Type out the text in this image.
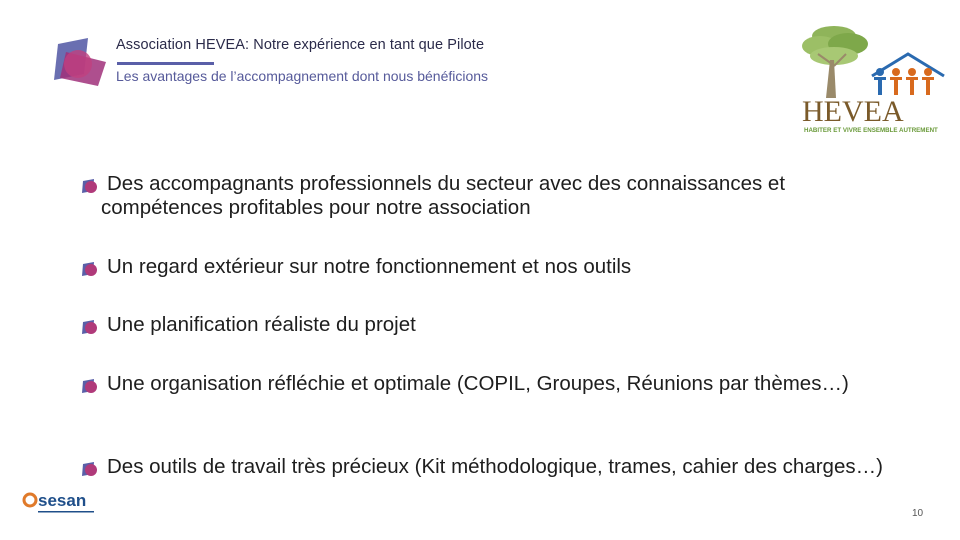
Association HEVEA: Notre expérience en tant que Pilote
Les avantages de l’accompagnement dont nous bénéficions
HEVEA
HABITER ET VIVRE ENSEMBLE AUTREMENT
Des accompagnants professionnels du secteur avec des connaissances et compétences profitables pour notre association
Un regard extérieur sur notre fonctionnement et nos outils
Une planification réaliste du projet
Une organisation réfléchie et optimale (COPIL, Groupes, Réunions par thèmes…)
Des outils de travail très précieux (Kit méthodologique, trames, cahier des charges…)
sesan
10
